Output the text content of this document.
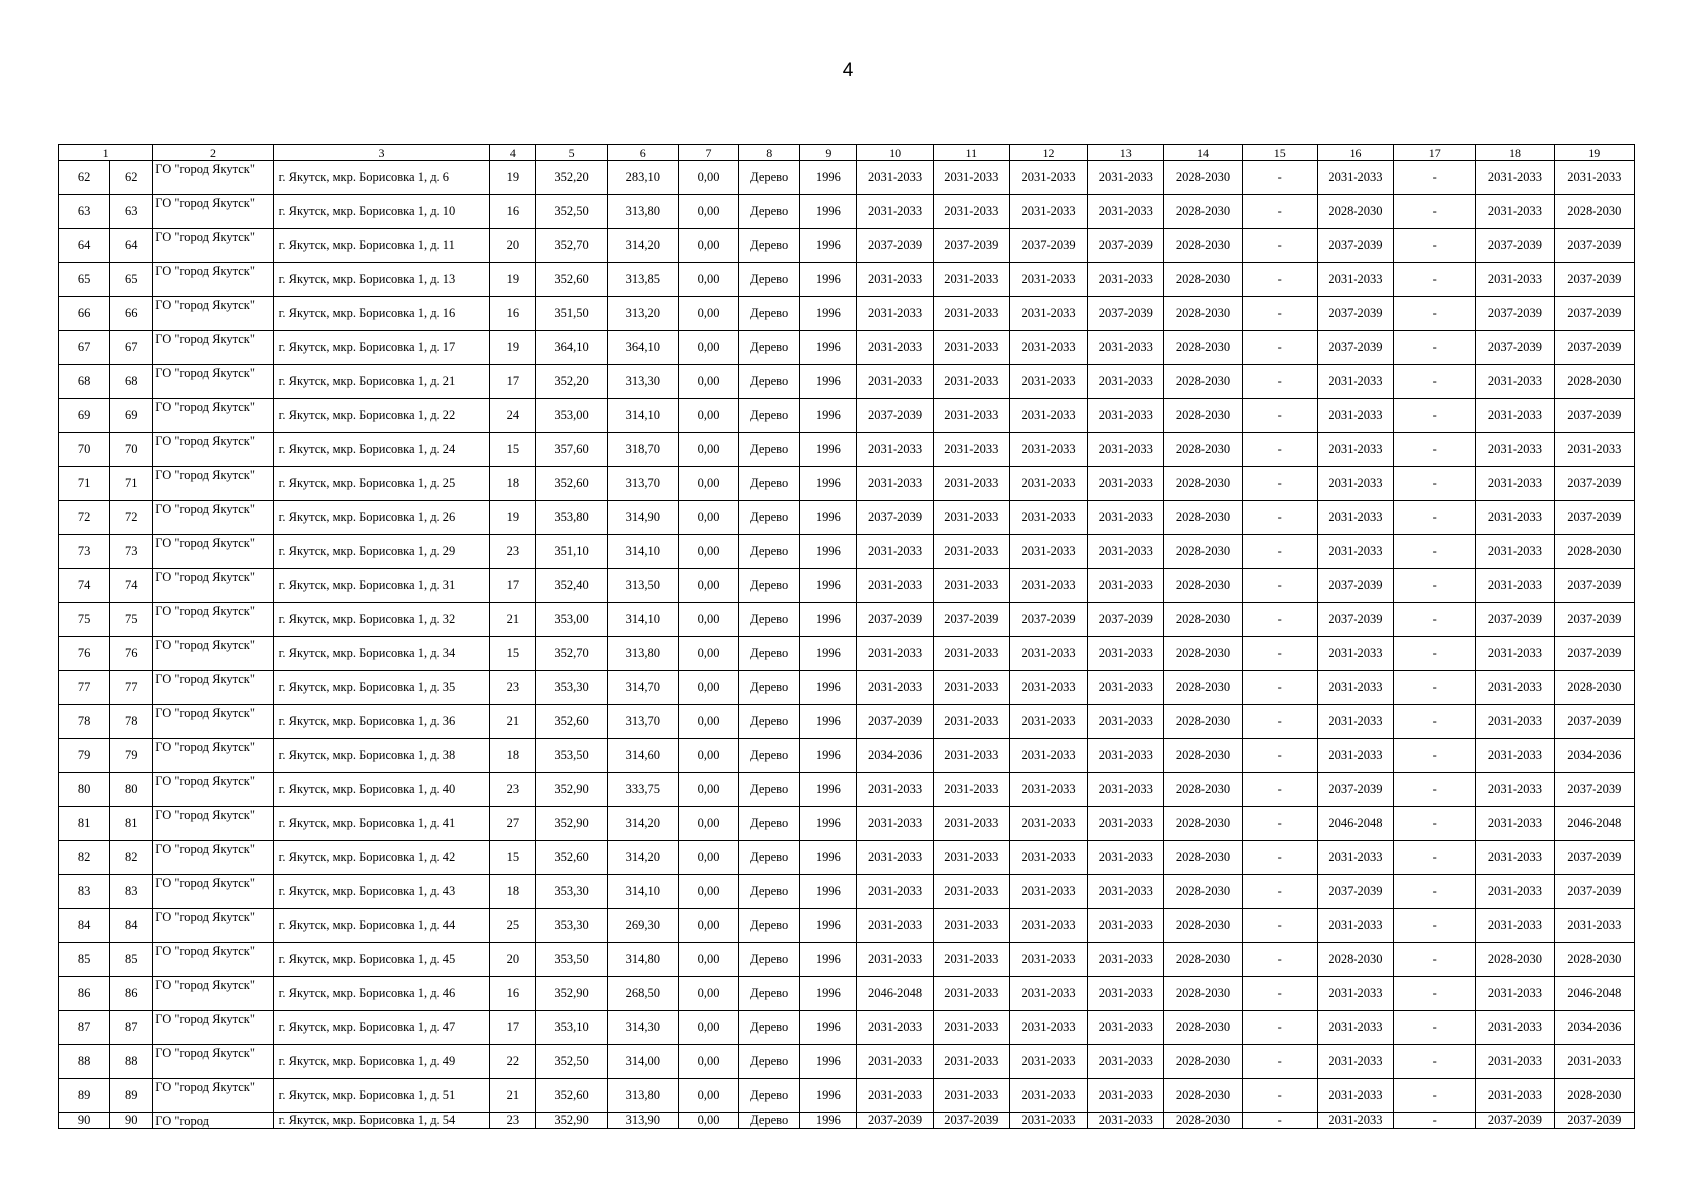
4
1		2	3	4	5	6	7	8	9	10	11	12	13	14	15	16	17	18	19
62	62	ГО "город Якутск"	г. Якутск, мкр. Борисовка 1, д. 6	19	352,20	283,10	0,00	Дерево	1996	2031-2033	2031-2033	2031-2033	2031-2033	2028-2030	-	2031-2033	-	2031-2033	2031-2033
63	63	ГО "город Якутск"	г. Якутск, мкр. Борисовка 1, д. 10	16	352,50	313,80	0,00	Дерево	1996	2031-2033	2031-2033	2031-2033	2031-2033	2028-2030	-	2028-2030	-	2031-2033	2028-2030
64	64	ГО "город Якутск"	г. Якутск, мкр. Борисовка 1, д. 11	20	352,70	314,20	0,00	Дерево	1996	2037-2039	2037-2039	2037-2039	2037-2039	2028-2030	-	2037-2039	-	2037-2039	2037-2039
65	65	ГО "город Якутск"	г. Якутск, мкр. Борисовка 1, д. 13	19	352,60	313,85	0,00	Дерево	1996	2031-2033	2031-2033	2031-2033	2031-2033	2028-2030	-	2031-2033	-	2031-2033	2037-2039
66	66	ГО "город Якутск"	г. Якутск, мкр. Борисовка 1, д. 16	16	351,50	313,20	0,00	Дерево	1996	2031-2033	2031-2033	2031-2033	2037-2039	2028-2030	-	2037-2039	-	2037-2039	2037-2039
67	67	ГО "город Якутск"	г. Якутск, мкр. Борисовка 1, д. 17	19	364,10	364,10	0,00	Дерево	1996	2031-2033	2031-2033	2031-2033	2031-2033	2028-2030	-	2037-2039	-	2037-2039	2037-2039
68	68	ГО "город Якутск"	г. Якутск, мкр. Борисовка 1, д. 21	17	352,20	313,30	0,00	Дерево	1996	2031-2033	2031-2033	2031-2033	2031-2033	2028-2030	-	2031-2033	-	2031-2033	2028-2030
69	69	ГО "город Якутск"	г. Якутск, мкр. Борисовка 1, д. 22	24	353,00	314,10	0,00	Дерево	1996	2037-2039	2031-2033	2031-2033	2031-2033	2028-2030	-	2031-2033	-	2031-2033	2037-2039
70	70	ГО "город Якутск"	г. Якутск, мкр. Борисовка 1, д. 24	15	357,60	318,70	0,00	Дерево	1996	2031-2033	2031-2033	2031-2033	2031-2033	2028-2030	-	2031-2033	-	2031-2033	2031-2033
71	71	ГО "город Якутск"	г. Якутск, мкр. Борисовка 1, д. 25	18	352,60	313,70	0,00	Дерево	1996	2031-2033	2031-2033	2031-2033	2031-2033	2028-2030	-	2031-2033	-	2031-2033	2037-2039
72	72	ГО "город Якутск"	г. Якутск, мкр. Борисовка 1, д. 26	19	353,80	314,90	0,00	Дерево	1996	2037-2039	2031-2033	2031-2033	2031-2033	2028-2030	-	2031-2033	-	2031-2033	2037-2039
73	73	ГО "город Якутск"	г. Якутск, мкр. Борисовка 1, д. 29	23	351,10	314,10	0,00	Дерево	1996	2031-2033	2031-2033	2031-2033	2031-2033	2028-2030	-	2031-2033	-	2031-2033	2028-2030
74	74	ГО "город Якутск"	г. Якутск, мкр. Борисовка 1, д. 31	17	352,40	313,50	0,00	Дерево	1996	2031-2033	2031-2033	2031-2033	2031-2033	2028-2030	-	2037-2039	-	2031-2033	2037-2039
75	75	ГО "город Якутск"	г. Якутск, мкр. Борисовка 1, д. 32	21	353,00	314,10	0,00	Дерево	1996	2037-2039	2037-2039	2037-2039	2037-2039	2028-2030	-	2037-2039	-	2037-2039	2037-2039
76	76	ГО "город Якутск"	г. Якутск, мкр. Борисовка 1, д. 34	15	352,70	313,80	0,00	Дерево	1996	2031-2033	2031-2033	2031-2033	2031-2033	2028-2030	-	2031-2033	-	2031-2033	2037-2039
77	77	ГО "город Якутск"	г. Якутск, мкр. Борисовка 1, д. 35	23	353,30	314,70	0,00	Дерево	1996	2031-2033	2031-2033	2031-2033	2031-2033	2028-2030	-	2031-2033	-	2031-2033	2028-2030
78	78	ГО "город Якутск"	г. Якутск, мкр. Борисовка 1, д. 36	21	352,60	313,70	0,00	Дерево	1996	2037-2039	2031-2033	2031-2033	2031-2033	2028-2030	-	2031-2033	-	2031-2033	2037-2039
79	79	ГО "город Якутск"	г. Якутск, мкр. Борисовка 1, д. 38	18	353,50	314,60	0,00	Дерево	1996	2034-2036	2031-2033	2031-2033	2031-2033	2028-2030	-	2031-2033	-	2031-2033	2034-2036
80	80	ГО "город Якутск"	г. Якутск, мкр. Борисовка 1, д. 40	23	352,90	333,75	0,00	Дерево	1996	2031-2033	2031-2033	2031-2033	2031-2033	2028-2030	-	2037-2039	-	2031-2033	2037-2039
81	81	ГО "город Якутск"	г. Якутск, мкр. Борисовка 1, д. 41	27	352,90	314,20	0,00	Дерево	1996	2031-2033	2031-2033	2031-2033	2031-2033	2028-2030	-	2046-2048	-	2031-2033	2046-2048
82	82	ГО "город Якутск"	г. Якутск, мкр. Борисовка 1, д. 42	15	352,60	314,20	0,00	Дерево	1996	2031-2033	2031-2033	2031-2033	2031-2033	2028-2030	-	2031-2033	-	2031-2033	2037-2039
83	83	ГО "город Якутск"	г. Якутск, мкр. Борисовка 1, д. 43	18	353,30	314,10	0,00	Дерево	1996	2031-2033	2031-2033	2031-2033	2031-2033	2028-2030	-	2037-2039	-	2031-2033	2037-2039
84	84	ГО "город Якутск"	г. Якутск, мкр. Борисовка 1, д. 44	25	353,30	269,30	0,00	Дерево	1996	2031-2033	2031-2033	2031-2033	2031-2033	2028-2030	-	2031-2033	-	2031-2033	2031-2033
85	85	ГО "город Якутск"	г. Якутск, мкр. Борисовка 1, д. 45	20	353,50	314,80	0,00	Дерево	1996	2031-2033	2031-2033	2031-2033	2031-2033	2028-2030	-	2028-2030	-	2028-2030	2028-2030
86	86	ГО "город Якутск"	г. Якутск, мкр. Борисовка 1, д. 46	16	352,90	268,50	0,00	Дерево	1996	2046-2048	2031-2033	2031-2033	2031-2033	2028-2030	-	2031-2033	-	2031-2033	2046-2048
87	87	ГО "город Якутск"	г. Якутск, мкр. Борисовка 1, д. 47	17	353,10	314,30	0,00	Дерево	1996	2031-2033	2031-2033	2031-2033	2031-2033	2028-2030	-	2031-2033	-	2031-2033	2034-2036
88	88	ГО "город Якутск"	г. Якутск, мкр. Борисовка 1, д. 49	22	352,50	314,00	0,00	Дерево	1996	2031-2033	2031-2033	2031-2033	2031-2033	2028-2030	-	2031-2033	-	2031-2033	2031-2033
89	89	ГО "город Якутск"	г. Якутск, мкр. Борисовка 1, д. 51	21	352,60	313,80	0,00	Дерево	1996	2031-2033	2031-2033	2031-2033	2031-2033	2028-2030	-	2031-2033	-	2031-2033	2028-2030
90	90	ГО "город	г. Якутск, мкр. Борисовка 1, д. 54	23	352,90	313,90	0,00	Дерево	1996	2037-2039	2037-2039	2031-2033	2031-2033	2028-2030	-	2031-2033	-	2037-2039	2037-2039
